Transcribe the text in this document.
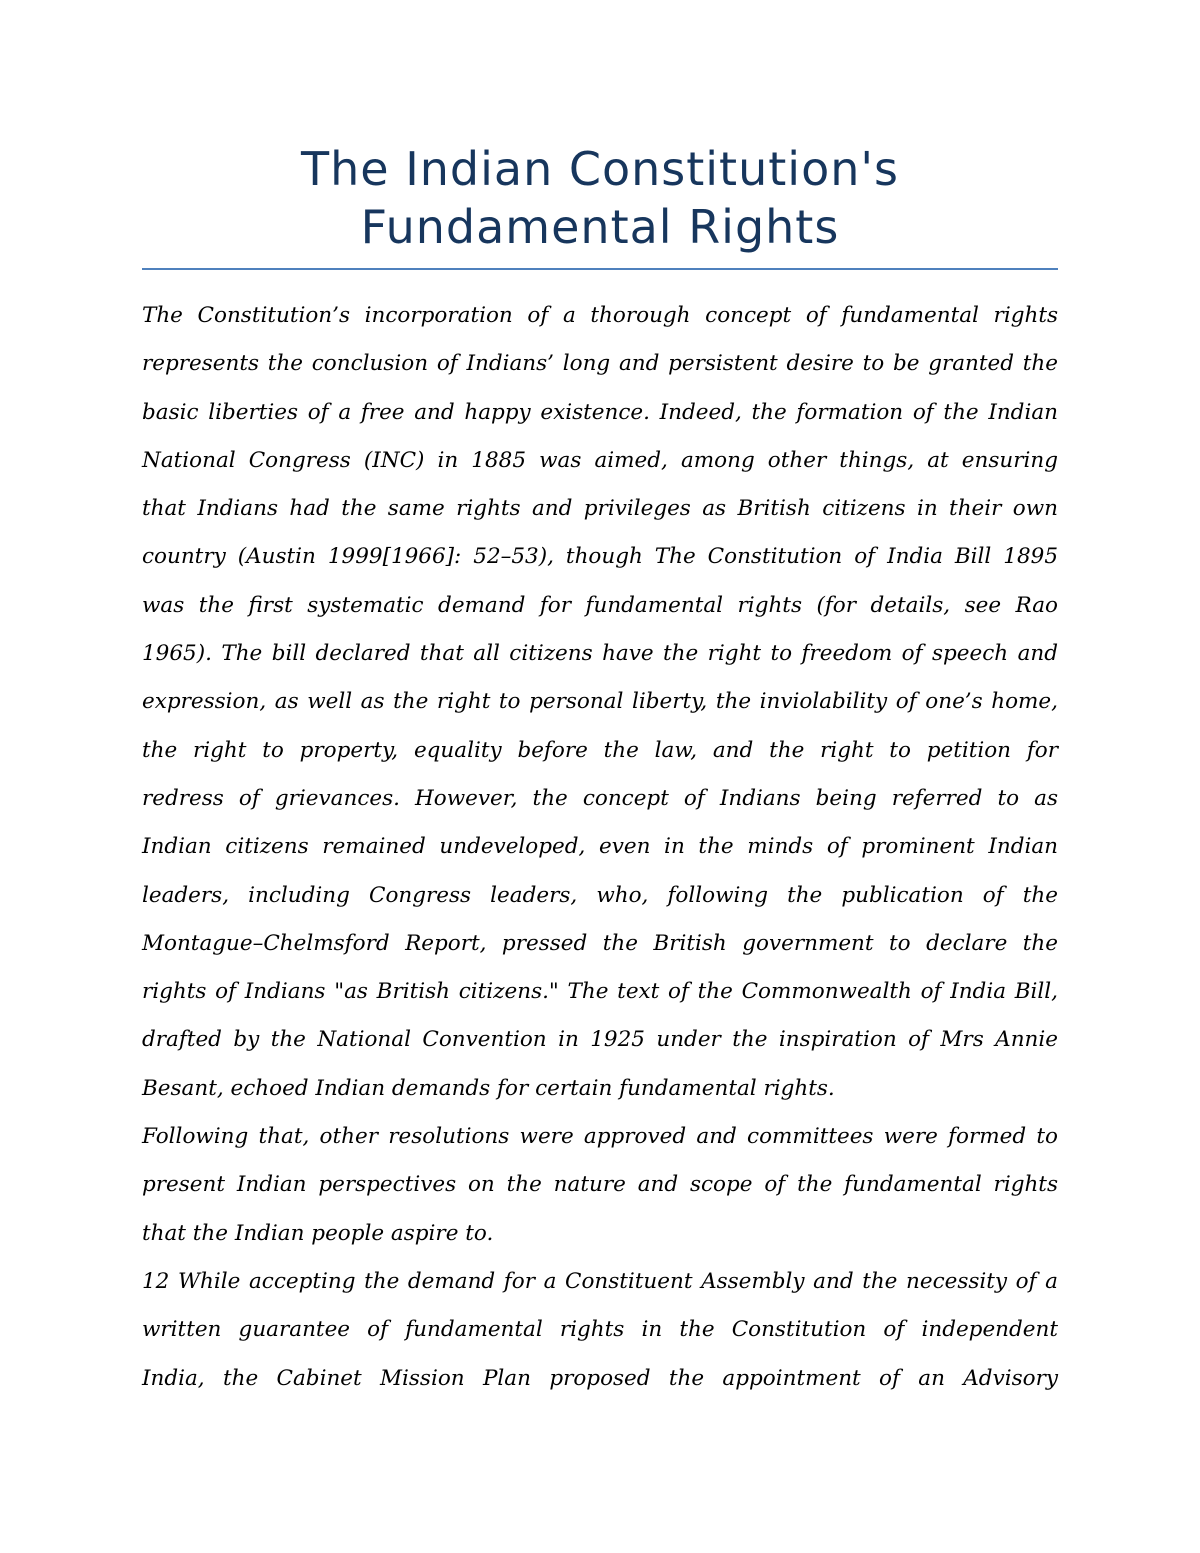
The Indian Constitution's
Fundamental Rights

The Constitution’s incorporation of a thorough concept of fundamental rights
represents the conclusion of Indians’ long and persistent desire to be granted the
basic liberties of a free and happy existence. Indeed, the formation of the Indian
National Congress (INC) in 1885 was aimed, among other things, at ensuring
that Indians had the same rights and privileges as British citizens in their own
country (Austin 1999[1966]: 52–53), though The Constitution of India Bill 1895
was the first systematic demand for fundamental rights (for details, see Rao
1965). The bill declared that all citizens have the right to freedom of speech and
expression, as well as the right to personal liberty, the inviolability of one’s home,
the right to property, equality before the law, and the right to petition for
redress of grievances. However, the concept of Indians being referred to as
Indian citizens remained undeveloped, even in the minds of prominent Indian
leaders, including Congress leaders, who, following the publication of the
Montague–Chelmsford Report, pressed the British government to declare the
rights of Indians "as British citizens." The text of the Commonwealth of India Bill,
drafted by the National Convention in 1925 under the inspiration of Mrs Annie
Besant, echoed Indian demands for certain fundamental rights.

Following that, other resolutions were approved and committees were formed to
present Indian perspectives on the nature and scope of the fundamental rights
that the Indian people aspire to.

12 While accepting the demand for a Constituent Assembly and the necessity of a
written guarantee of fundamental rights in the Constitution of independent
India, the Cabinet Mission Plan proposed the appointment of an Advisory
